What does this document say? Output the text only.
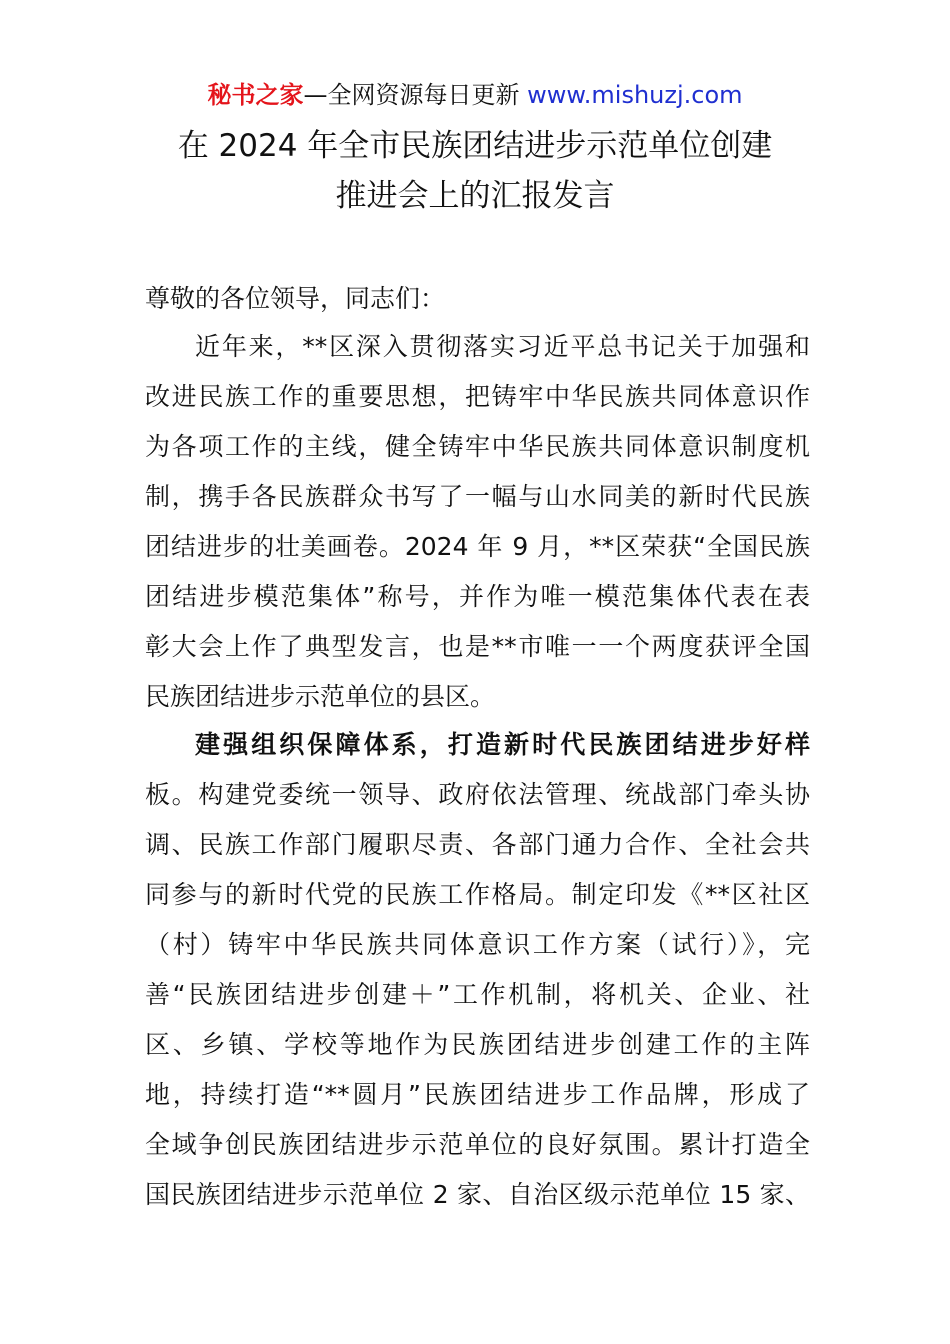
秘书之家—全网资源每日更新 www.mishuzj.com
在 2024 年全市民族团结进步示范单位创建
推进会上的汇报发言
尊敬的各位领导，同志们：
近年来，**区深入贯彻落实习近平总书记关于加强和
改进民族工作的重要思想，把铸牢中华民族共同体意识作
为各项工作的主线，健全铸牢中华民族共同体意识制度机
制，携手各民族群众书写了一幅与山水同美的新时代民族
团结进步的壮美画卷。2024 年 9 月，**区荣获“全国民族
团结进步模范集体”称号，并作为唯一模范集体代表在表
彰大会上作了典型发言，也是**市唯一一个两度获评全国
民族团结进步示范单位的县区。
建强组织保障体系，打造新时代民族团结进步好样
板。构建党委统一领导、政府依法管理、统战部门牵头协
调、民族工作部门履职尽责、各部门通力合作、全社会共
同参与的新时代党的民族工作格局。制定印发《**区社区
（村）铸牢中华民族共同体意识工作方案（试行）》，完
善“民族团结进步创建＋”工作机制，将机关、企业、社
区、乡镇、学校等地作为民族团结进步创建工作的主阵
地，持续打造“**圆月”民族团结进步工作品牌，形成了
全域争创民族团结进步示范单位的良好氛围。累计打造全
国民族团结进步示范单位 2 家、自治区级示范单位 15 家、
